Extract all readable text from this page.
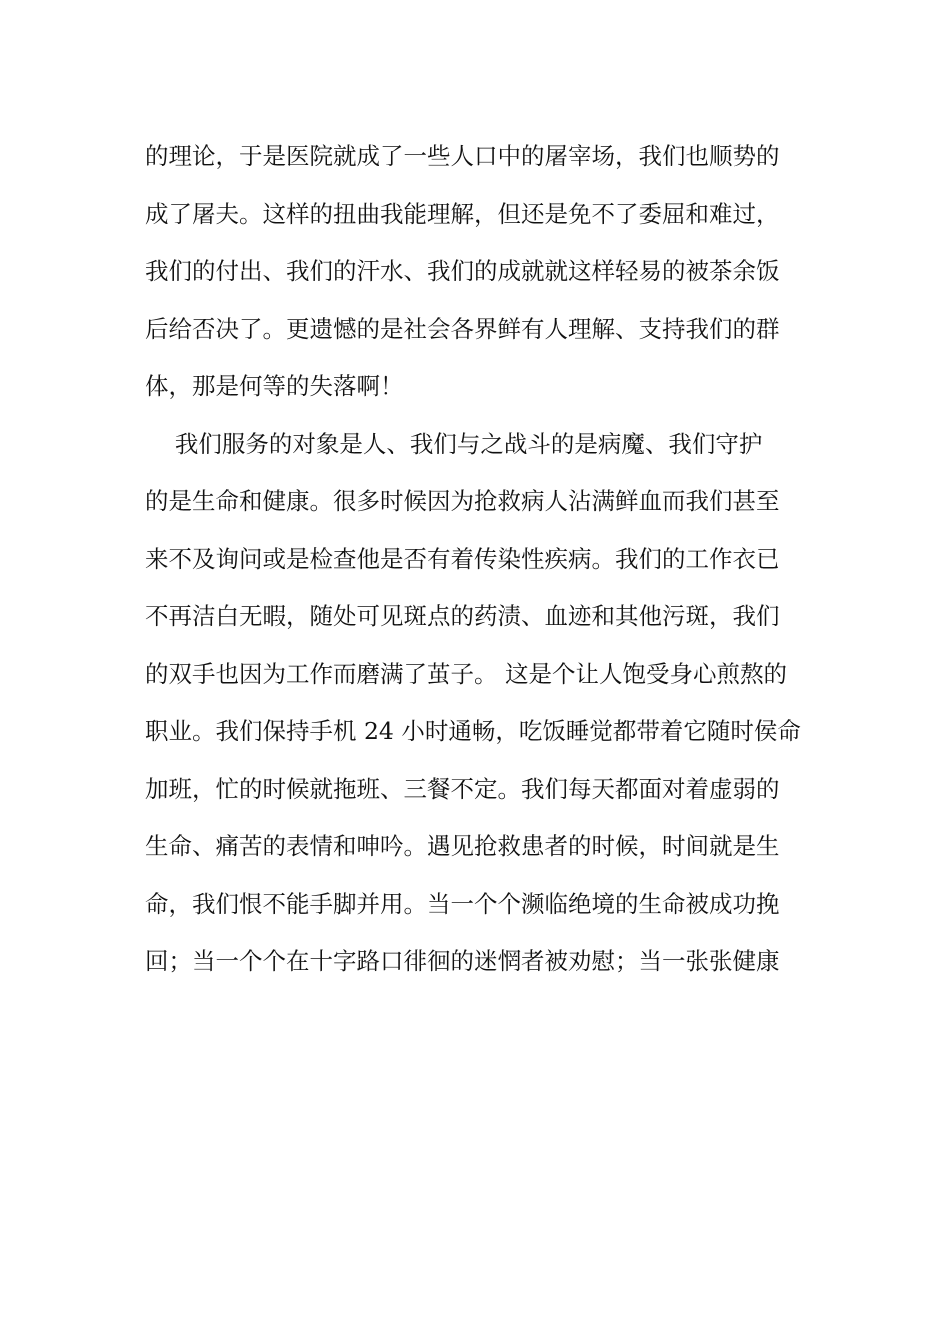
的理论，于是医院就成了一些人口中的屠宰场，我们也顺势的
成了屠夫。这样的扭曲我能理解，但还是免不了委屈和难过，
我们的付出、我们的汗水、我们的成就就这样轻易的被茶余饭
后给否决了。更遗憾的是社会各界鲜有人理解、支持我们的群
体，那是何等的失落啊！
我们服务的对象是人、我们与之战斗的是病魔、我们守护
的是生命和健康。很多时候因为抢救病人沾满鲜血而我们甚至
来不及询问或是检查他是否有着传染性疾病。我们的工作衣已
不再洁白无暇，随处可见斑点的药渍、血迹和其他污斑，我们
的双手也因为工作而磨满了茧子。 这是个让人饱受身心煎熬的
职业。我们保持手机 24 小时通畅，吃饭睡觉都带着它随时侯命
加班，忙的时候就拖班、三餐不定。我们每天都面对着虚弱的
生命、痛苦的表情和呻吟。遇见抢救患者的时候，时间就是生
命，我们恨不能手脚并用。当一个个濒临绝境的生命被成功挽
回；当一个个在十字路口徘徊的迷惘者被劝慰；当一张张健康
